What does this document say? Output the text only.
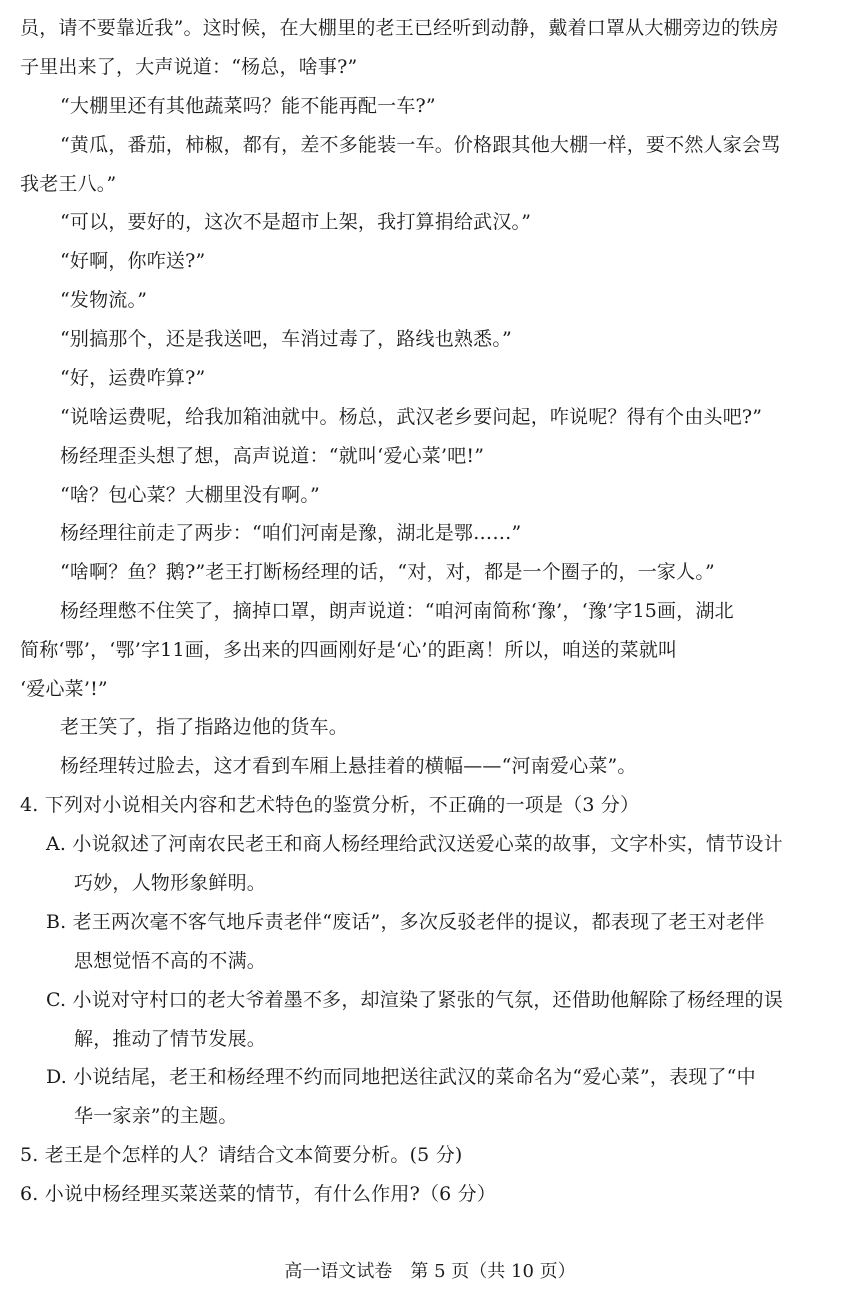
员，请不要靠近我”。这时候，在大棚里的老王已经听到动静，戴着口罩从大棚旁边的铁房
子里出来了，大声说道：“杨总，啥事?”
“大棚里还有其他蔬菜吗？能不能再配一车?”
“黄瓜，番茄，柿椒，都有，差不多能装一车。价格跟其他大棚一样，要不然人家会骂
我老王八。”
“可以，要好的，这次不是超市上架，我打算捐给武汉。”
“好啊，你咋送?”
“发物流。”
“别搞那个，还是我送吧，车消过毒了，路线也熟悉。”
“好，运费咋算?”
“说啥运费呢，给我加箱油就中。杨总，武汉老乡要问起，咋说呢？得有个由头吧?”
杨经理歪头想了想，高声说道：“就叫‘爱心菜’吧!”
“啥？包心菜？大棚里没有啊。”
杨经理往前走了两步：“咱们河南是豫，湖北是鄂……”
“啥啊？鱼？鹅?”老王打断杨经理的话，“对，对，都是一个圈子的，一家人。”
杨经理憋不住笑了，摘掉口罩，朗声说道：“咱河南简称‘豫’，‘豫’字15画，湖北
简称‘鄂’，‘鄂’字11画，多出来的四画刚好是‘心’的距离！所以，咱送的菜就叫
‘爱心菜’!”
老王笑了，指了指路边他的货车。
杨经理转过脸去，这才看到车厢上悬挂着的横幅——“河南爱心菜”。
4. 下列对小说相关内容和艺术特色的鉴赏分析，不正确的一项是（3 分）
A. 小说叙述了河南农民老王和商人杨经理给武汉送爱心菜的故事，文字朴实，情节设计
巧妙，人物形象鲜明。
B. 老王两次毫不客气地斥责老伴“废话”，多次反驳老伴的提议，都表现了老王对老伴
思想觉悟不高的不满。
C. 小说对守村口的老大爷着墨不多，却渲染了紧张的气氛，还借助他解除了杨经理的误
解，推动了情节发展。
D. 小说结尾，老王和杨经理不约而同地把送往武汉的菜命名为“爱心菜”，表现了“中
华一家亲”的主题。
5. 老王是个怎样的人？请结合文本简要分析。(5 分)
6. 小说中杨经理买菜送菜的情节，有什么作用?（6 分）
高一语文试卷　第 5 页（共 10 页）
